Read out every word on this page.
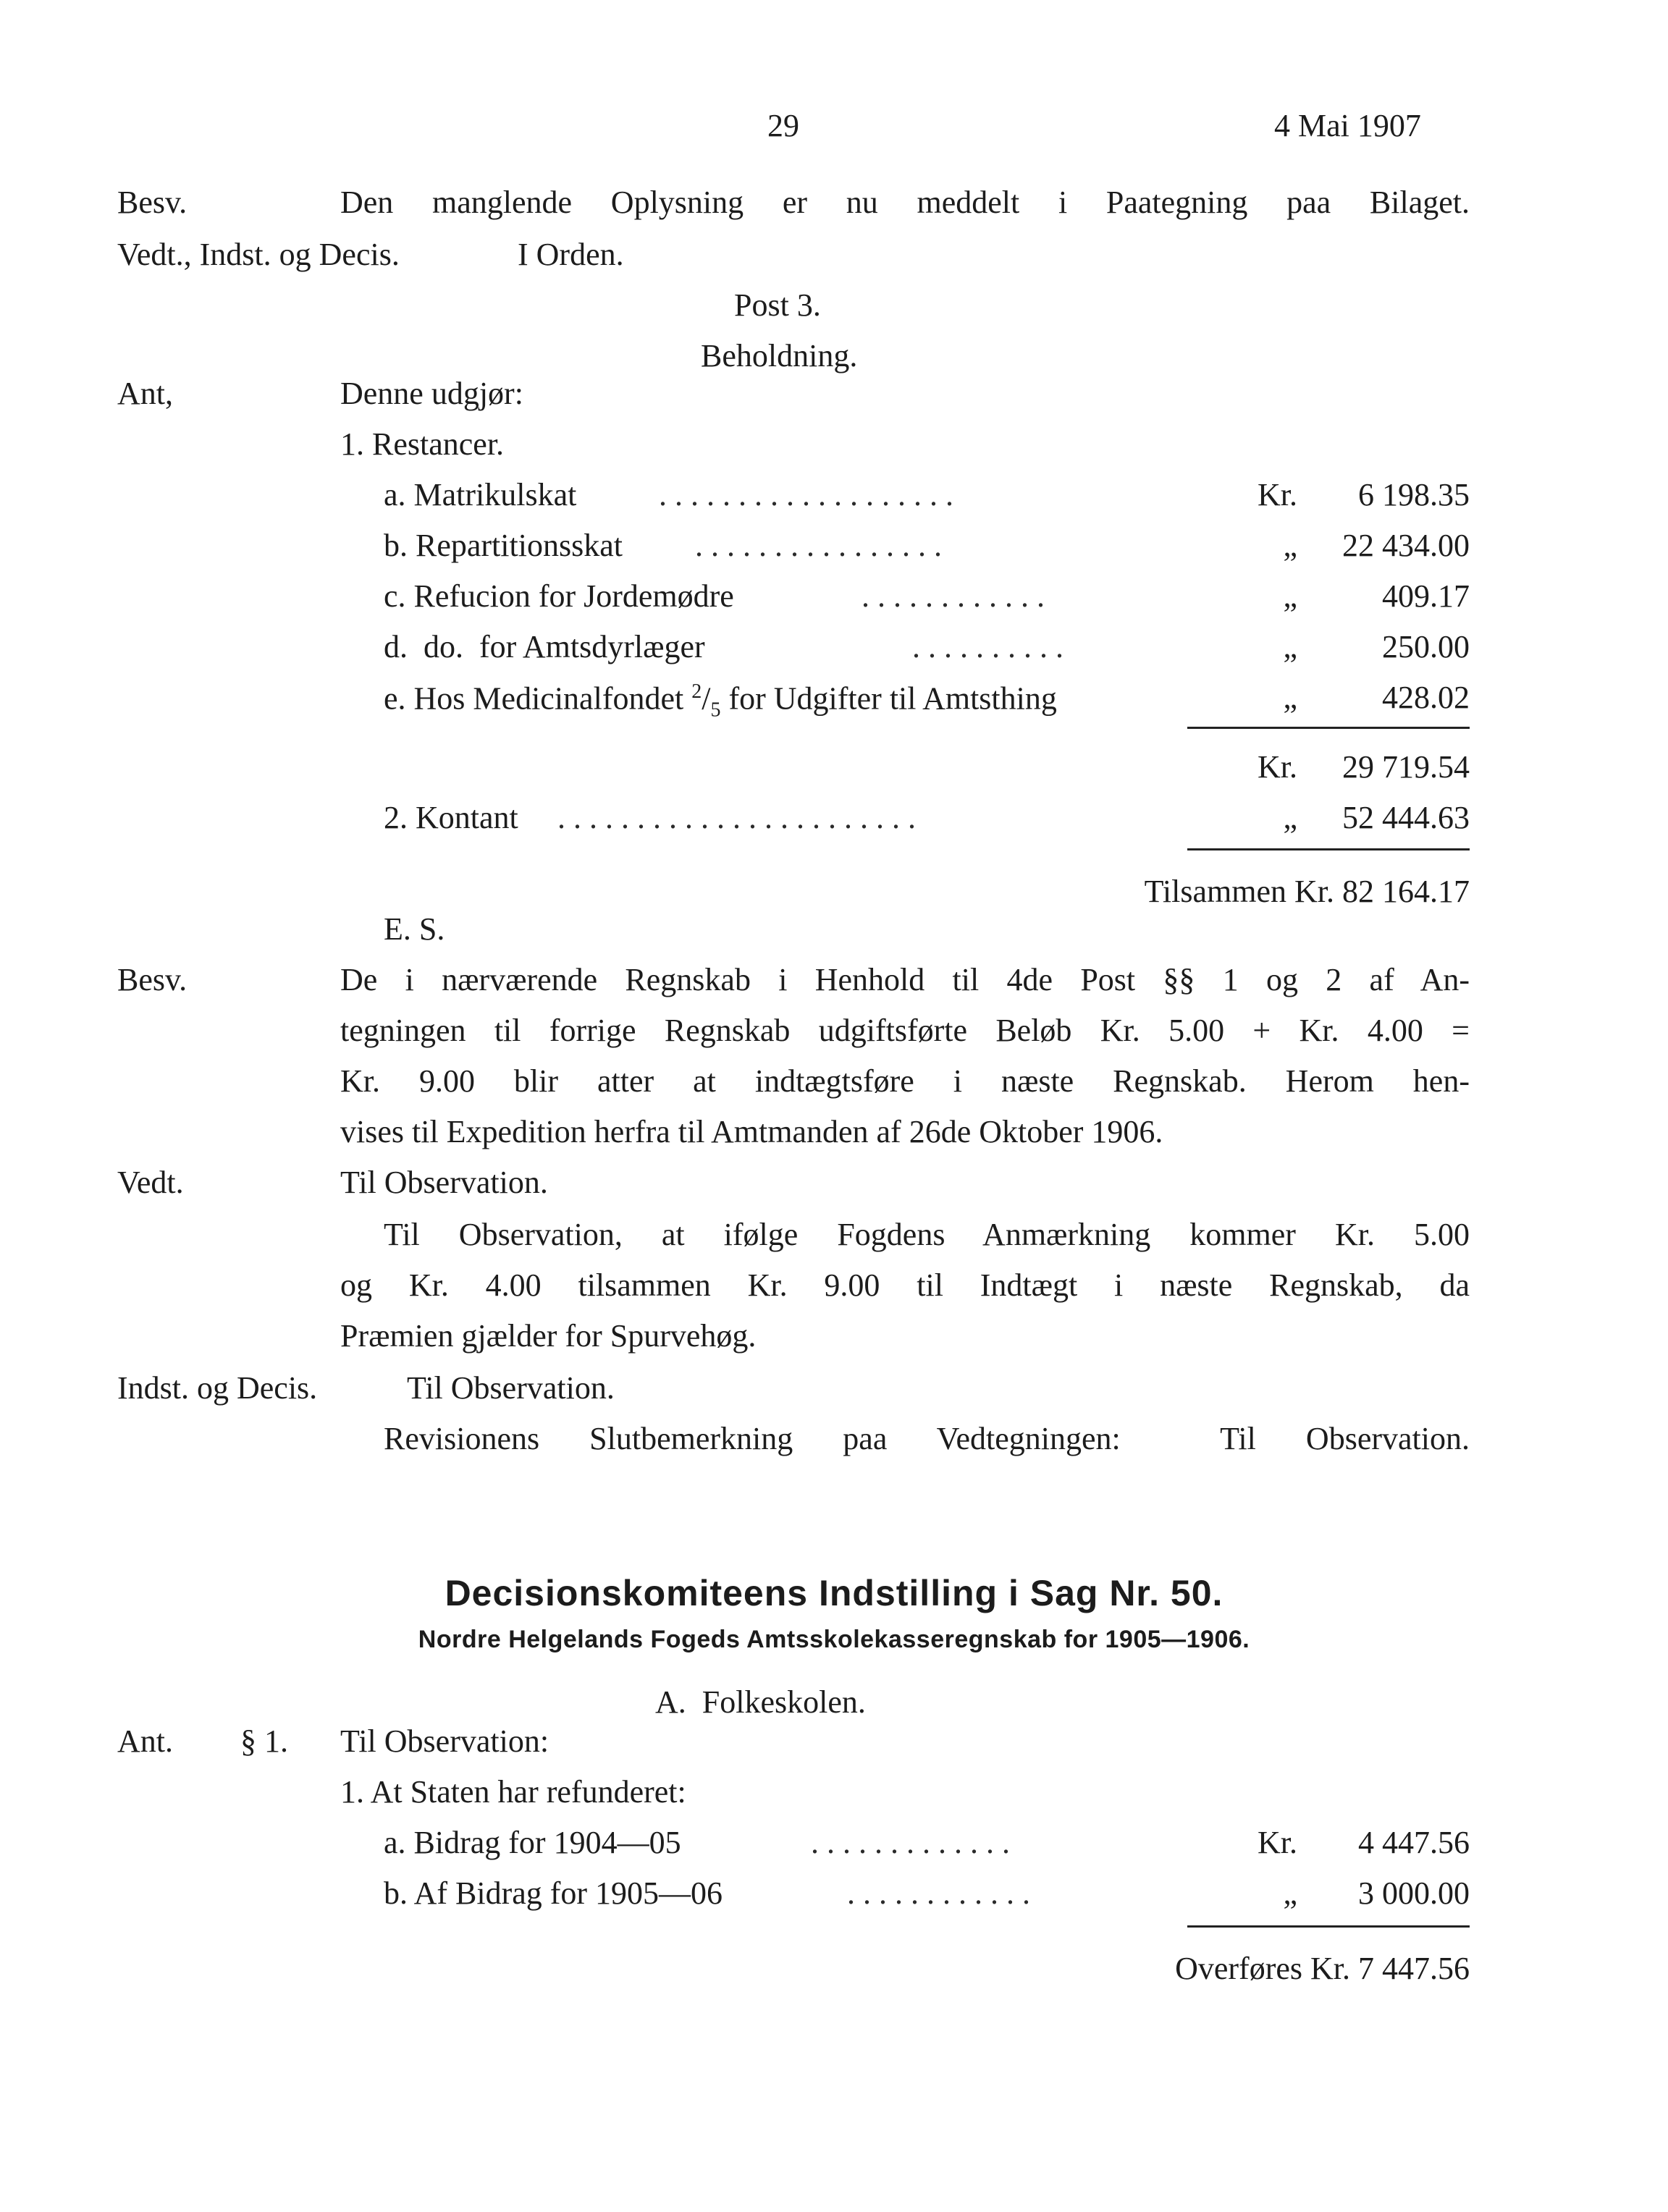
29	4 Mai 1907
Besv.	Den manglende Oplysning er nu meddelt i Paategning paa Bilaget.
Vedt., Indst. og Decis.	I Orden.
Post 3.
Beholdning.
Ant,	Denne udgjør:
1. Restancer.
a. Matrikulskat	...................	Kr. 6 198.35
b. Repartitionsskat ................	„ 22 434.00
c. Refucion for Jordemødre	............	„	409.17
d.  do.  for Amtsdyrlæger	..........	„	250.00
e. Hos Medicinalfondet $^2/_5$ for Udgifter til Amtsthing	„	428.02
Kr. 29 719.54
2. Kontant .......................	„ 52 444.63
Tilsammen Kr. 82 164.17
E. S.
Besv.	De i nærværende Regnskab i Henhold til 4de Post §§ 1 og 2 af An-
tegningen til forrige Regnskab udgiftsførte Beløb Kr. 5.00 + Kr. 4.00 =
Kr. 9.00 blir atter at indtægtsføre i næste Regnskab. Herom hen-
vises til Expedition herfra til Amtmanden af 26de Oktober 1906.
Vedt.	Til Observation.
Til Observation, at ifølge Fogdens Anmærkning kommer Kr. 5.00
og Kr. 4.00 tilsammen Kr. 9.00 til Indtægt i næste Regnskab, da
Præmien gjælder for Spurvehøg.
Indst. og Decis.	Til Observation.
Revisionens Slutbemerkning paa Vedtegningen:  Til Observation.
Decisionskomiteens Indstilling i Sag Nr. 50.
Nordre Helgelands Fogeds Amtsskolekasseregnskab for 1905—1906.
A.  Folkeskolen.
Ant. § 1. Til Observation:
1. At Staten har refunderet:
a. Bidrag for 1904—05	.............	Kr. 4 447.56
b. Af Bidrag for 1905—06	............	„ 3 000.00
Overføres Kr. 7 447.56
